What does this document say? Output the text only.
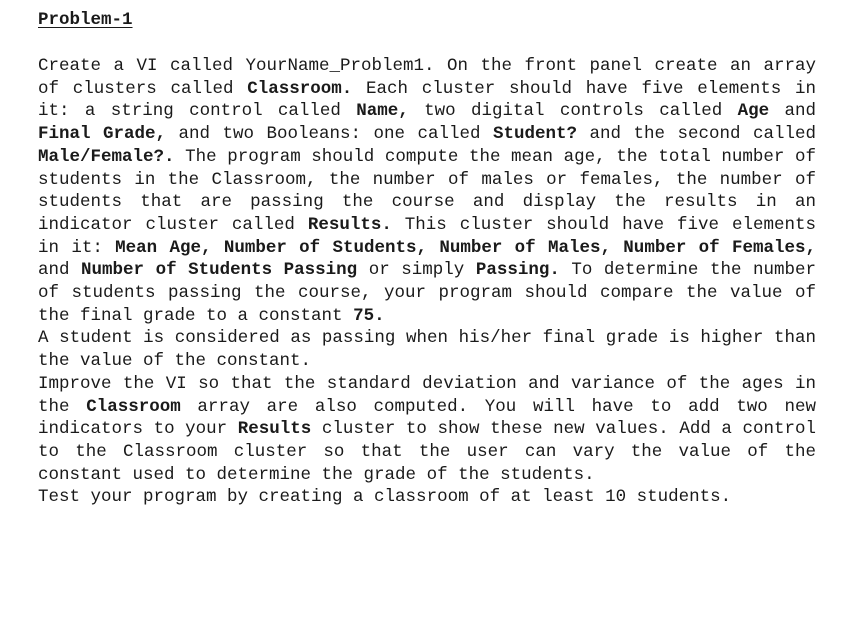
Problem-1

Create a VI called YourName_Problem1. On the front panel create an array of clusters called Classroom. Each cluster should have five elements in it: a string control called Name, two digital controls called Age and Final Grade, and two Booleans: one called Student? and the second called Male/Female?. The program should compute the mean age, the total number of students in the Classroom, the number of males or females, the number of students that are passing the course and display the results in an indicator cluster called Results. This cluster should have five elements in it: Mean Age, Number of Students, Number of Males, Number of Females, and Number of Students Passing or simply Passing. To determine the number of students passing the course, your program should compare the value of the final grade to a constant 75.

A student is considered as passing when his/her final grade is higher than the value of the constant.

Improve the VI so that the standard deviation and variance of the ages in the Classroom array are also computed. You will have to add two new indicators to your Results cluster to show these new values. Add a control to the Classroom cluster so that the user can vary the value of the constant used to determine the grade of the students.

Test your program by creating a classroom of at least 10 students.
